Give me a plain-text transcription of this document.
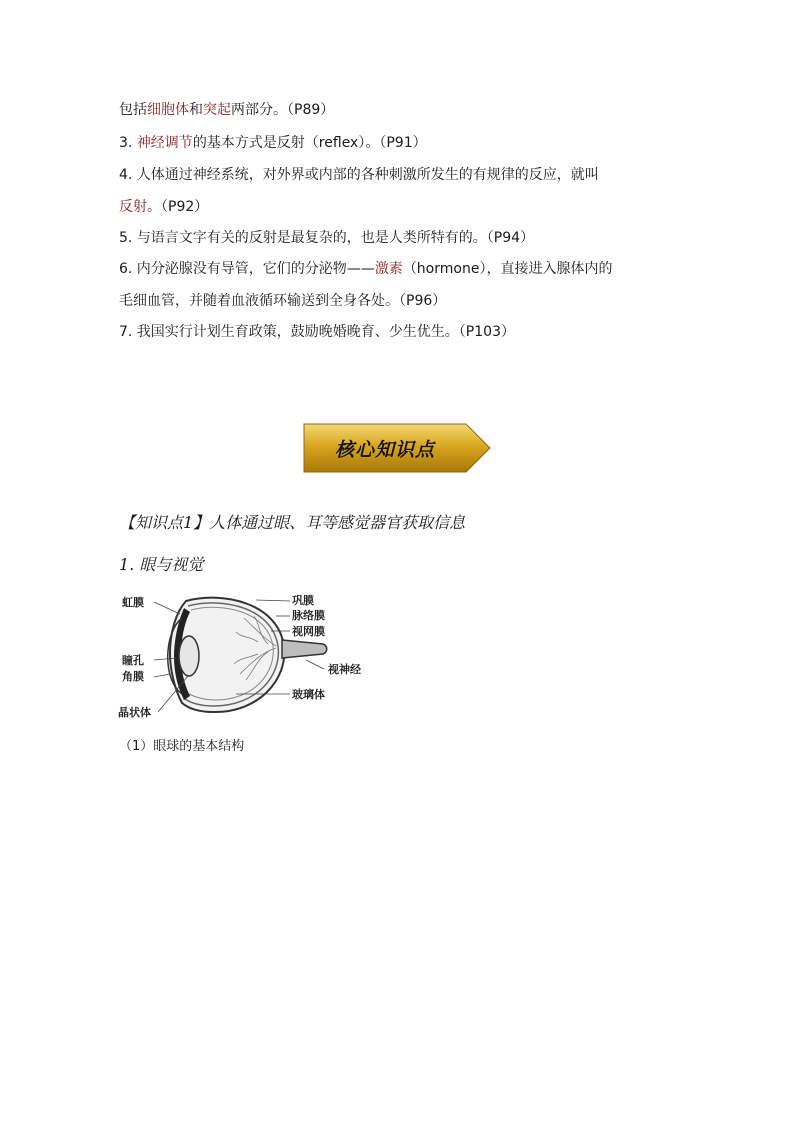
包括细胞体和突起两部分。（P89）
3. 神经调节的基本方式是反射（reflex）。（P91）
4. 人体通过神经系统，对外界或内部的各种刺激所发生的有规律的反应，就叫
反射。（P92）
5. 与语言文字有关的反射是最复杂的，也是人类所特有的。（P94）
6. 内分泌腺没有导管，它们的分泌物——激素（hormone），直接进入腺体内的
毛细血管，并随着血液循环输送到全身各处。（P96）
7. 我国实行计划生育政策，鼓励晚婚晚育、少生优生。（P103）
核心知识点
【知识点1】人体通过眼、耳等感觉器官获取信息
1. 眼与视觉
虹膜
瞳孔
角膜
晶状体
巩膜
脉络膜
视网膜
视神经
玻璃体
（1）眼球的基本结构
